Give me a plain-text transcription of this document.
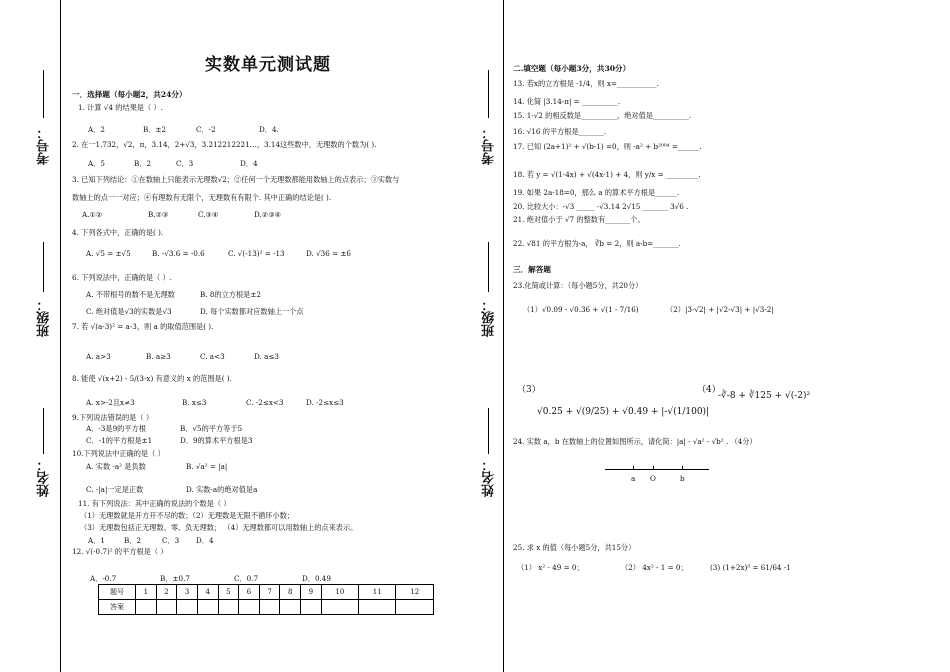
考号：
班级：
姓名：
考号：
班级：
姓名：
实数单元测试题
一．选择题（每小题2，共24分）
1. 计算 √4 的结果是（ ）.
A．2	B．±2	C．-2	D．4.
2. 在一1.732，√2，π，3.14，2+√3，3.212212221…，3.14这些数中，无理数的个数为( ).
A．5	B．2	C．3	D．4
3. 已知下列结论：①在数轴上只能表示无理数√2；②任何一个无理数都能用数轴上的点表示；③实数与
数轴上的点一一对应；④有理数有无限个，无理数有有限个. 其中正确的结论是( ).
A.①②	B.②③	C.③④	D.②③④
4. 下列各式中，正确的是( ).
A. √5 = ±√5	B. -√3.6 = -0.6	C. √(-13)² = -13	D. √36 = ±6
6. 下列说法中，正确的是（ ）.
A. 不带根号的数不是无理数	B. 8的立方根是±2
C. 绝对值是√3的实数是√3	D. 每个实数都对应数轴上一个点
7. 若 √(a-3)² = a-3，则 a 的取值范围是( ).
A. a>3	B. a≥3	C. a<3	D. a≤3
8. 能使 √(x+2) - 5/(3-x) 有意义的 x 的范围是( ).
A. x>-2且x≠3	B. x≤3	C. -2≤x<3	D. -2≤x≤3
9.下列说法错误的是（ ）
A．-3是9的平方根	B．√5的平方等于5
C．-1的平方根是±1	D．9的算术平方根是3
10.下列说法中正确的是（ ）
A. 实数 -a² 是负数	B. √a² = |a|
C. -|a|一定是正数	D. 实数-a的绝对值是a
11. 有下列说法：其中正确的说法的个数是（ ）
（1）无理数就是开方开不尽的数；（2）无理数是无限不循环小数；
（3）无理数包括正无理数、零、负无理数； （4）无理数都可以用数轴上的点来表示。
A．1	B．2	C．3 D．4
12. √(-0.7)² 的平方根是（ ）
A．-0.7	B．±0.7	C．0.7	D．0.49
题号	1	2	3	4	5	6	7	8	9	10	11	12
答案												
二.填空题（每小题3分，共30分）
13. 若x的立方根是 -1/4，则 x=___________.
14. 化简 |3.14-π| = __________.
15. 1-√2 的相反数是__________，绝对值是__________.
16. √16 的平方根是_______.
17. 已知 (2a+1)² + √(b-1) =0，则 -a² + b²⁰⁰⁴ =______.
18. 若 y = √(1-4x) + √(4x-1) + 4，则 y/x = _________.
19. 如果 2a-18=0，那么 a 的算术平方根是______.
20. 比较大小：-√3 _____ -√3.14 2√15 _______ 3√6 .
21. 绝对值小于 √7 的整数有_______个。
22. √81 的平方根为-a， ∛b = 2，则 a-b=_______.
三．解答题
23.化简或计算：（每小题5分，共20分）
（1）√0.09 - √0.36 + √(1 - 7/16)	（2）|3-√2| + |√2-√3| + |√3-2|
（3）
√0.25 + √(9/25) + √0.49 + |-√(1/100)|
（4）
-∛-8 + ∛125 + √(-2)²
24. 实数 a，b 在数轴上的位置如图所示，请化简：|a| - √a² - √b² . （4分）
a O	b
25. 求 x 的值（每小题5分，共15分）
（1） x² - 49 = 0；	（2） 4x² - 1 = 0；	(3) (1+2x)³ = 61/64 -1
